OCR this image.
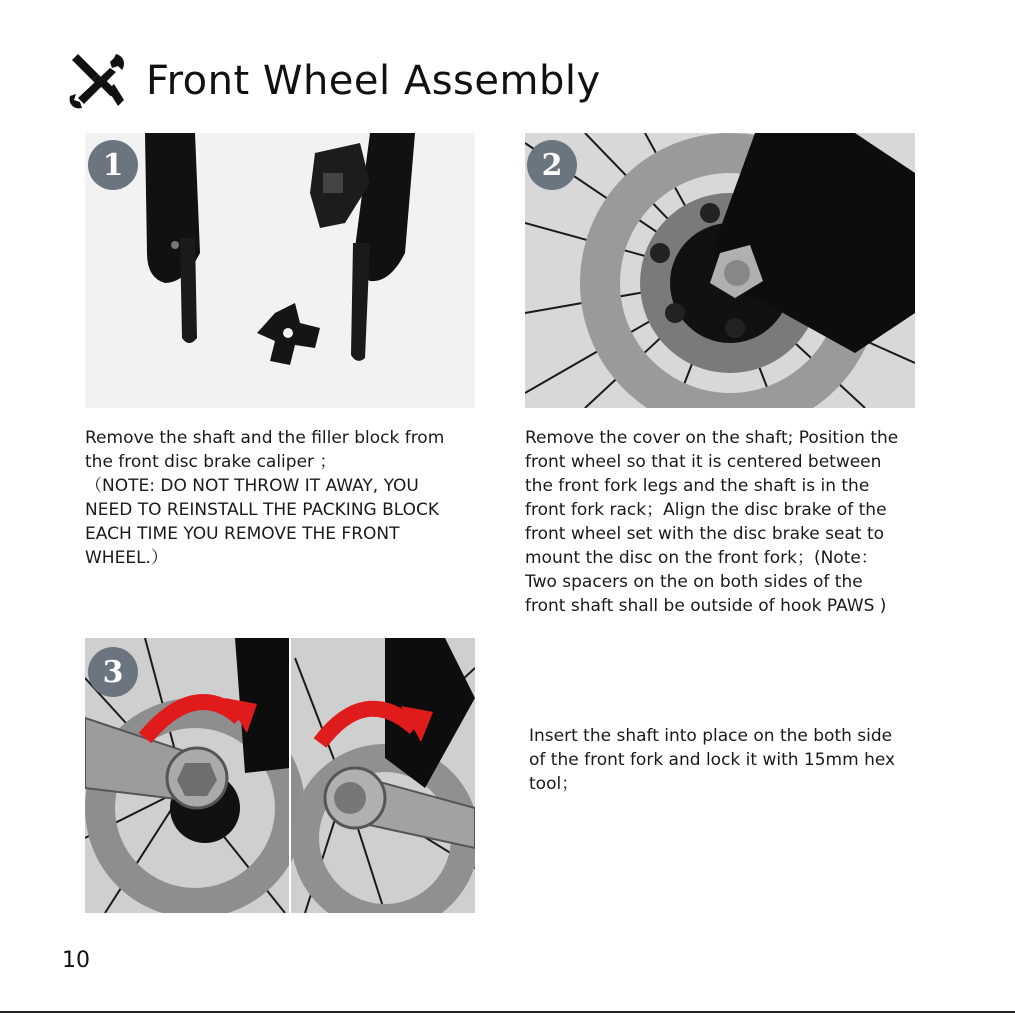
Front Wheel Assembly
1	2
3
Remove the shaft and the filler block from
the front disc brake caliper ；
（NOTE: DO NOT THROW IT AWAY, YOU
NEED TO REINSTALL THE PACKING BLOCK
EACH TIME YOU REMOVE THE FRONT
WHEEL.）
Remove the cover on the shaft; Position the
front wheel so that it is centered between
the front fork legs and the shaft is in the
front fork rack；Align the disc brake of the
front wheel set with the disc brake seat to
mount the disc on the front fork；(Note：
Two spacers on the on both sides of the
front shaft shall be outside of hook PAWS )
Insert the shaft into place on the both side
of the front fork and lock it with 15mm hex
tool；
10
